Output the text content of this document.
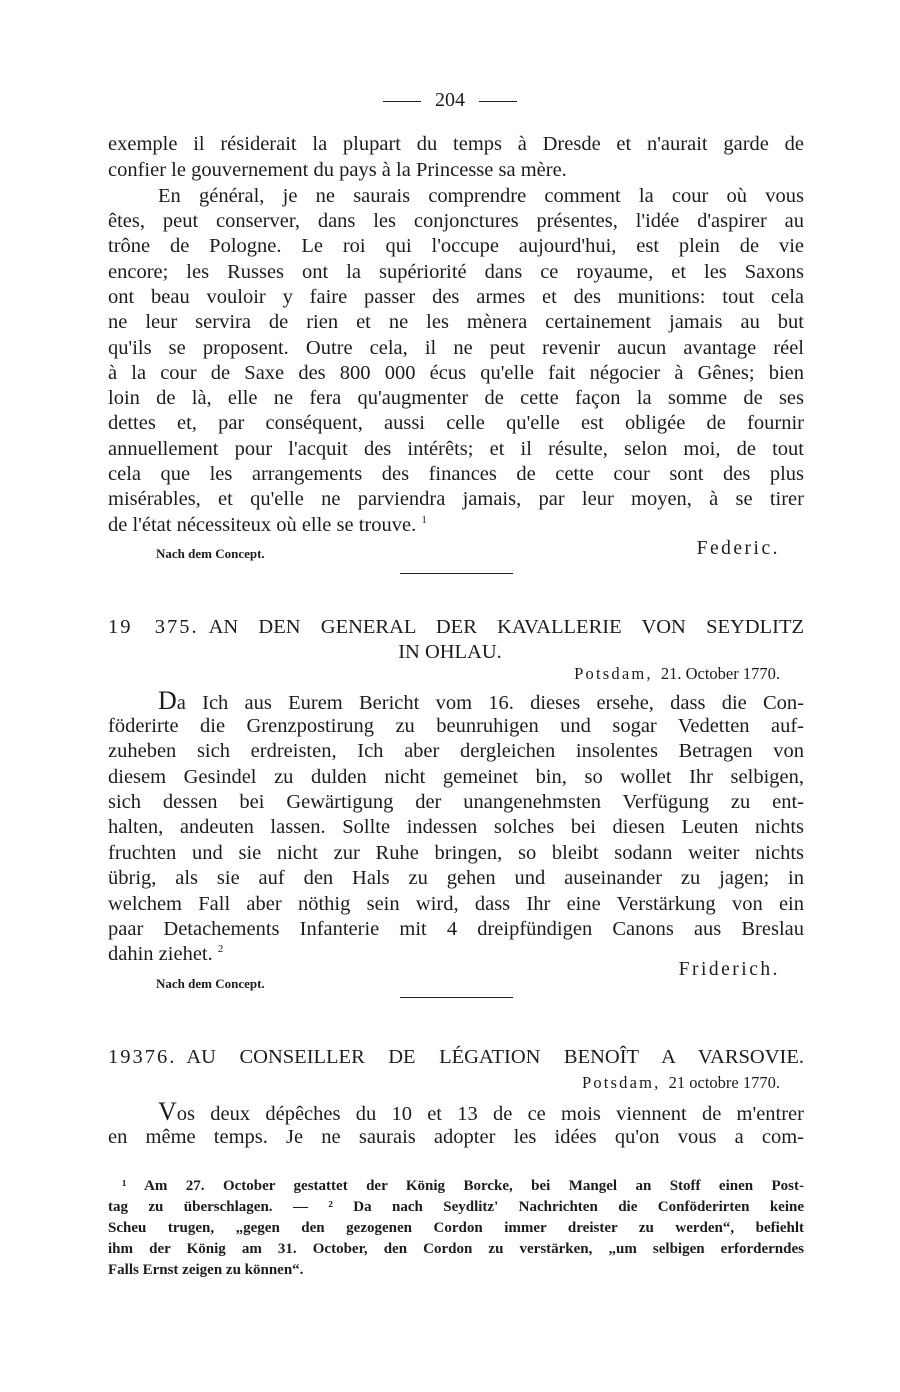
204
exemple il résiderait la plupart du temps à Dresde et n'aurait garde de
confier le gouvernement du pays à la Princesse sa mère.
En général, je ne saurais comprendre comment la cour où vous
êtes, peut conserver, dans les conjonctures présentes, l'idée d'aspirer au
trône de Pologne. Le roi qui l'occupe aujourd'hui, est plein de vie
encore; les Russes ont la supériorité dans ce royaume, et les Saxons
ont beau vouloir y faire passer des armes et des munitions: tout cela
ne leur servira de rien et ne les mènera certainement jamais au but
qu'ils se proposent. Outre cela, il ne peut revenir aucun avantage réel
à la cour de Saxe des 800 000 écus qu'elle fait négocier à Gênes; bien
loin de là, elle ne fera qu'augmenter de cette façon la somme de ses
dettes et, par conséquent, aussi celle qu'elle est obligée de fournir
annuellement pour l'acquit des intérêts; et il résulte, selon moi, de tout
cela que les arrangements des finances de cette cour sont des plus
misérables, et qu'elle ne parviendra jamais, par leur moyen, à se tirer
de l'état nécessiteux où elle se trouve. $^1$
Nach dem Concept.	Federic.
19 375. AN DEN GENERAL DER KAVALLERIE VON SEYDLITZ
IN OHLAU.
Potsdam, 21. October 1770.
Da Ich aus Eurem Bericht vom 16. dieses ersehe, dass die Con-
föderirte die Grenzpostirung zu beunruhigen und sogar Vedetten auf-
zuheben sich erdreisten, Ich aber dergleichen insolentes Betragen von
diesem Gesindel zu dulden nicht gemeinet bin, so wollet Ihr selbigen,
sich dessen bei Gewärtigung der unangenehmsten Verfügung zu ent-
halten, andeuten lassen. Sollte indessen solches bei diesen Leuten nichts
fruchten und sie nicht zur Ruhe bringen, so bleibt sodann weiter nichts
übrig, als sie auf den Hals zu gehen und auseinander zu jagen; in
welchem Fall aber nöthig sein wird, dass Ihr eine Verstärkung von ein
paar Detachements Infanterie mit 4 dreipfündigen Canons aus Breslau
dahin ziehet. $^2$
Friderich.
Nach dem Concept.
19376. AU CONSEILLER DE LÉGATION BENOÎT A VARSOVIE.
Potsdam, 21 octobre 1770.
Vos deux dépêches du 10 et 13 de ce mois viennent de m'entrer
en même temps. Je ne saurais adopter les idées qu'on vous a com-
¹ Am 27. October gestattet der König Borcke, bei Mangel an Stoff einen Post-
tag zu überschlagen. — ² Da nach Seydlitz' Nachrichten die Conföderirten keine
Scheu trugen, „gegen den gezogenen Cordon immer dreister zu werden“, befiehlt
ihm der König am 31. October, den Cordon zu verstärken, „um selbigen erforderndes
Falls Ernst zeigen zu können“.
